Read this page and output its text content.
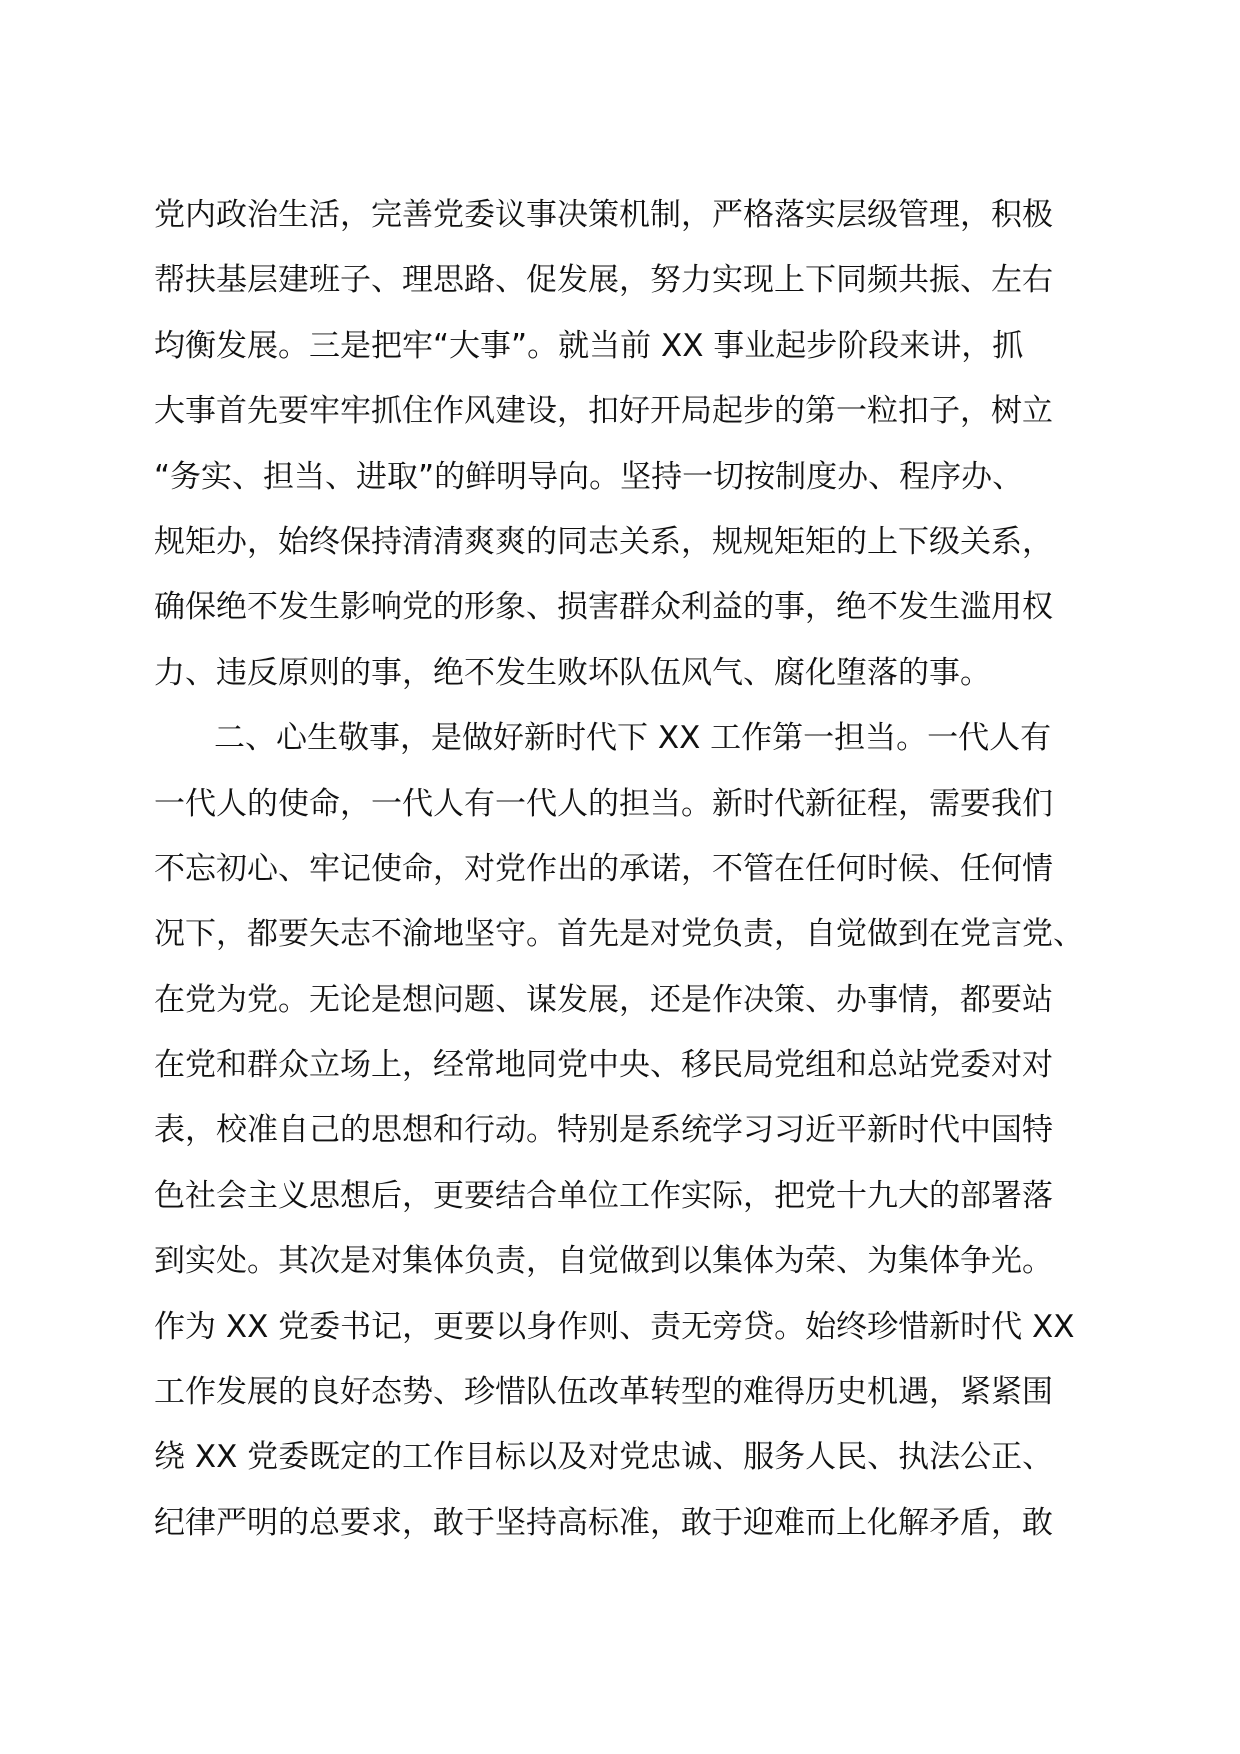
党内政治生活，完善党委议事决策机制，严格落实层级管理，积极
帮扶基层建班子、理思路、促发展，努力实现上下同频共振、左右
均衡发展。三是把牢“大事”。就当前 XX 事业起步阶段来讲，抓
大事首先要牢牢抓住作风建设，扣好开局起步的第一粒扣子，树立
“务实、担当、进取”的鲜明导向。坚持一切按制度办、程序办、
规矩办，始终保持清清爽爽的同志关系，规规矩矩的上下级关系，
确保绝不发生影响党的形象、损害群众利益的事，绝不发生滥用权
力、违反原则的事，绝不发生败坏队伍风气、腐化堕落的事。
二、心生敬事，是做好新时代下 XX 工作第一担当。一代人有
一代人的使命，一代人有一代人的担当。新时代新征程，需要我们
不忘初心、牢记使命，对党作出的承诺，不管在任何时候、任何情
况下，都要矢志不渝地坚守。首先是对党负责，自觉做到在党言党、
在党为党。无论是想问题、谋发展，还是作决策、办事情，都要站
在党和群众立场上，经常地同党中央、移民局党组和总站党委对对
表，校准自己的思想和行动。特别是系统学习习近平新时代中国特
色社会主义思想后，更要结合单位工作实际，把党十九大的部署落
到实处。其次是对集体负责，自觉做到以集体为荣、为集体争光。
作为 XX 党委书记，更要以身作则、责无旁贷。始终珍惜新时代 XX
工作发展的良好态势、珍惜队伍改革转型的难得历史机遇，紧紧围
绕 XX 党委既定的工作目标以及对党忠诚、服务人民、执法公正、
纪律严明的总要求，敢于坚持高标准，敢于迎难而上化解矛盾，敢
